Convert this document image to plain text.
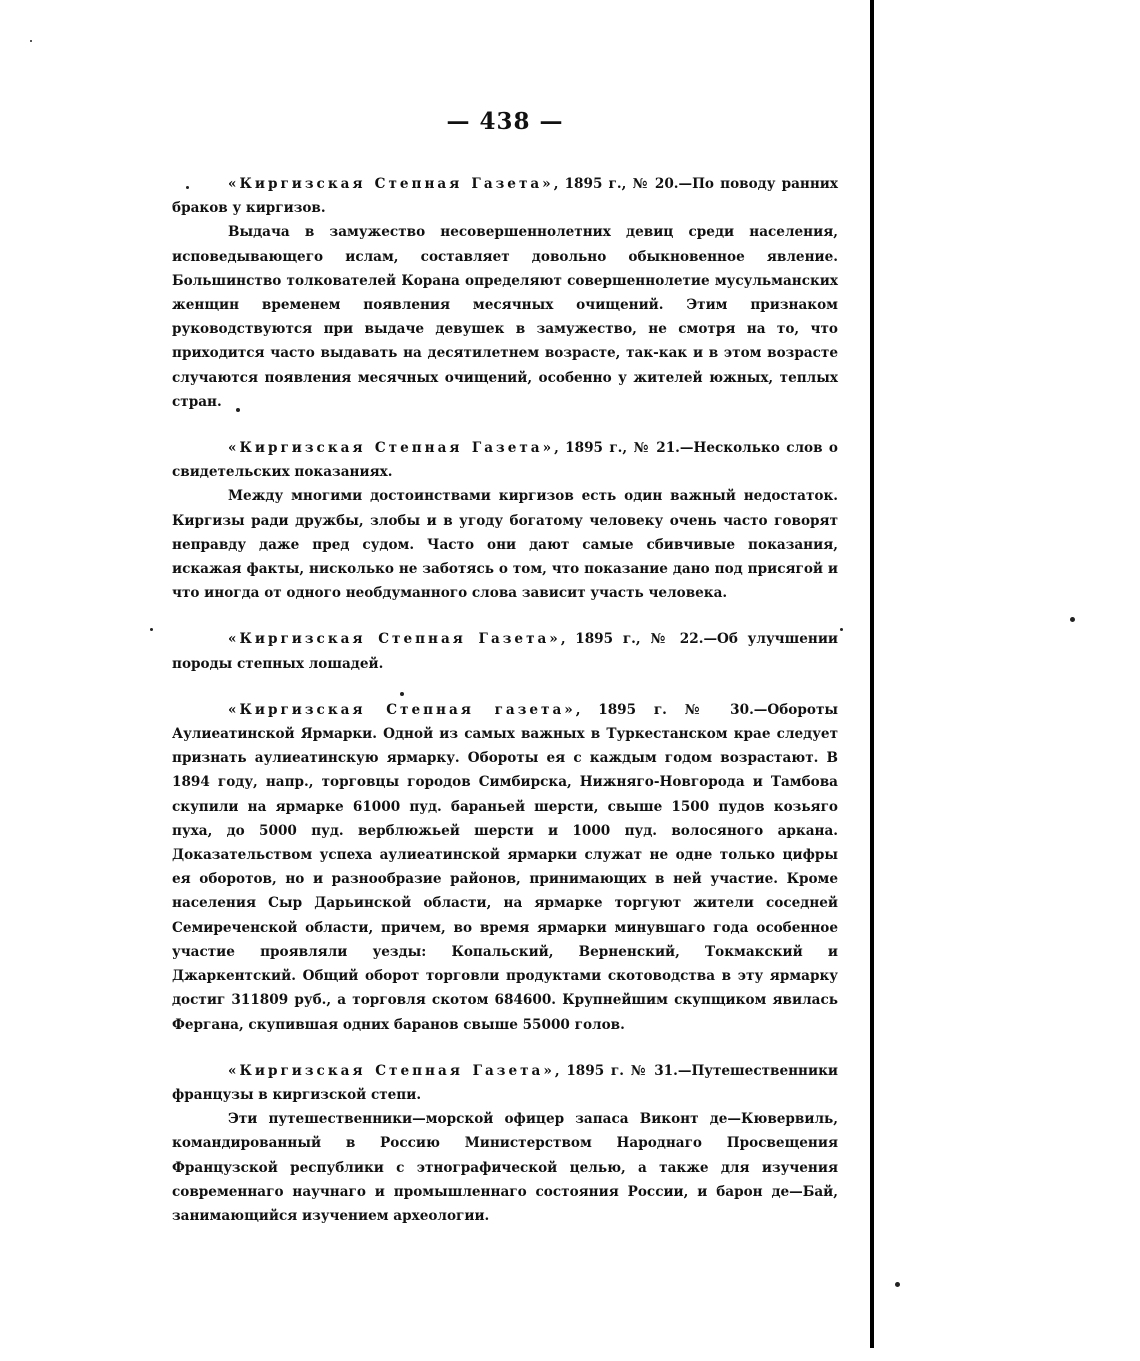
— 438 —

«Киргизская Степная Газета», 1895 г., № 20.—По поводу ранних браков у киргизов.

Выдача в замужество несовершеннолетних девиц среди населения, исповедывающего ислам, составляет довольно обыкновенное явление. Большинство толкователей Корана определяют совершеннолетие мусульманских женщин временем появления месячных очищений. Этим признаком руководствуются при выдаче девушек в замужество, не смотря на то, что приходится часто выдавать на десятилетнем возрасте, так-как и в этом возрасте случаются появления месячных очищений, особенно у жителей южных, теплых стран.

«Киргизская Степная Газета», 1895 г., № 21.—Несколько слов о свидетельских показаниях.

Между многими достоинствами киргизов есть один важный недостаток. Киргизы ради дружбы, злобы и в угоду богатому человеку очень часто говорят неправду даже пред судом. Часто они дают самые сбивчивые показания, искажая факты, нисколько не заботясь о том, что показание дано под присягой и что иногда от одного необдуманного слова зависит участь человека.

«Киргизская Степная Газета», 1895 г., № 22.—Об улучшении породы степных лошадей.

«Киргизская Степная газета», 1895 г. № 30.—Обороты Аулиеатинской Ярмарки. Одной из самых важных в Туркестанском крае следует признать аулиеатинскую ярмарку. Обороты ея с каждым годом возрастают. В 1894 году, напр., торговцы городов Симбирска, Нижняго-Новгорода и Тамбова скупили на ярмарке 61000 пуд. бараньей шерсти, свыше 1500 пудов козьяго пуха, до 5000 пуд. верблюжьей шерсти и 1000 пуд. волосяного аркана. Доказательством успеха аулиеатинской ярмарки служат не одне только цифры ея оборотов, но и разнообразие районов, принимающих в ней участие. Кроме населения Сыр Дарьинской области, на ярмарке торгуют жители соседней Семиреченской области, причем, во время ярмарки минувшаго года особенное участие проявляли уезды: Копальский, Верненский, Токмакский и Джаркентский. Общий оборот торговли продуктами скотоводства в эту ярмарку достиг 311809 руб., а торговля скотом 684600. Крупнейшим скупщиком явилась Фергана, скупившая одних баранов свыше 55000 голов.

«Киргизская Степная Газета», 1895 г. № 31.—Путешественники французы в киргизской степи.

Эти путешественники—морской офицер запаса Виконт де—Кювервиль, командированный в Россию Министерством Народнаго Просвещения Французской республики с этнографической целью, а также для изучения современнаго научнаго и промышленнаго состояния России, и барон де—Бай, занимающийся изучением археологии.
